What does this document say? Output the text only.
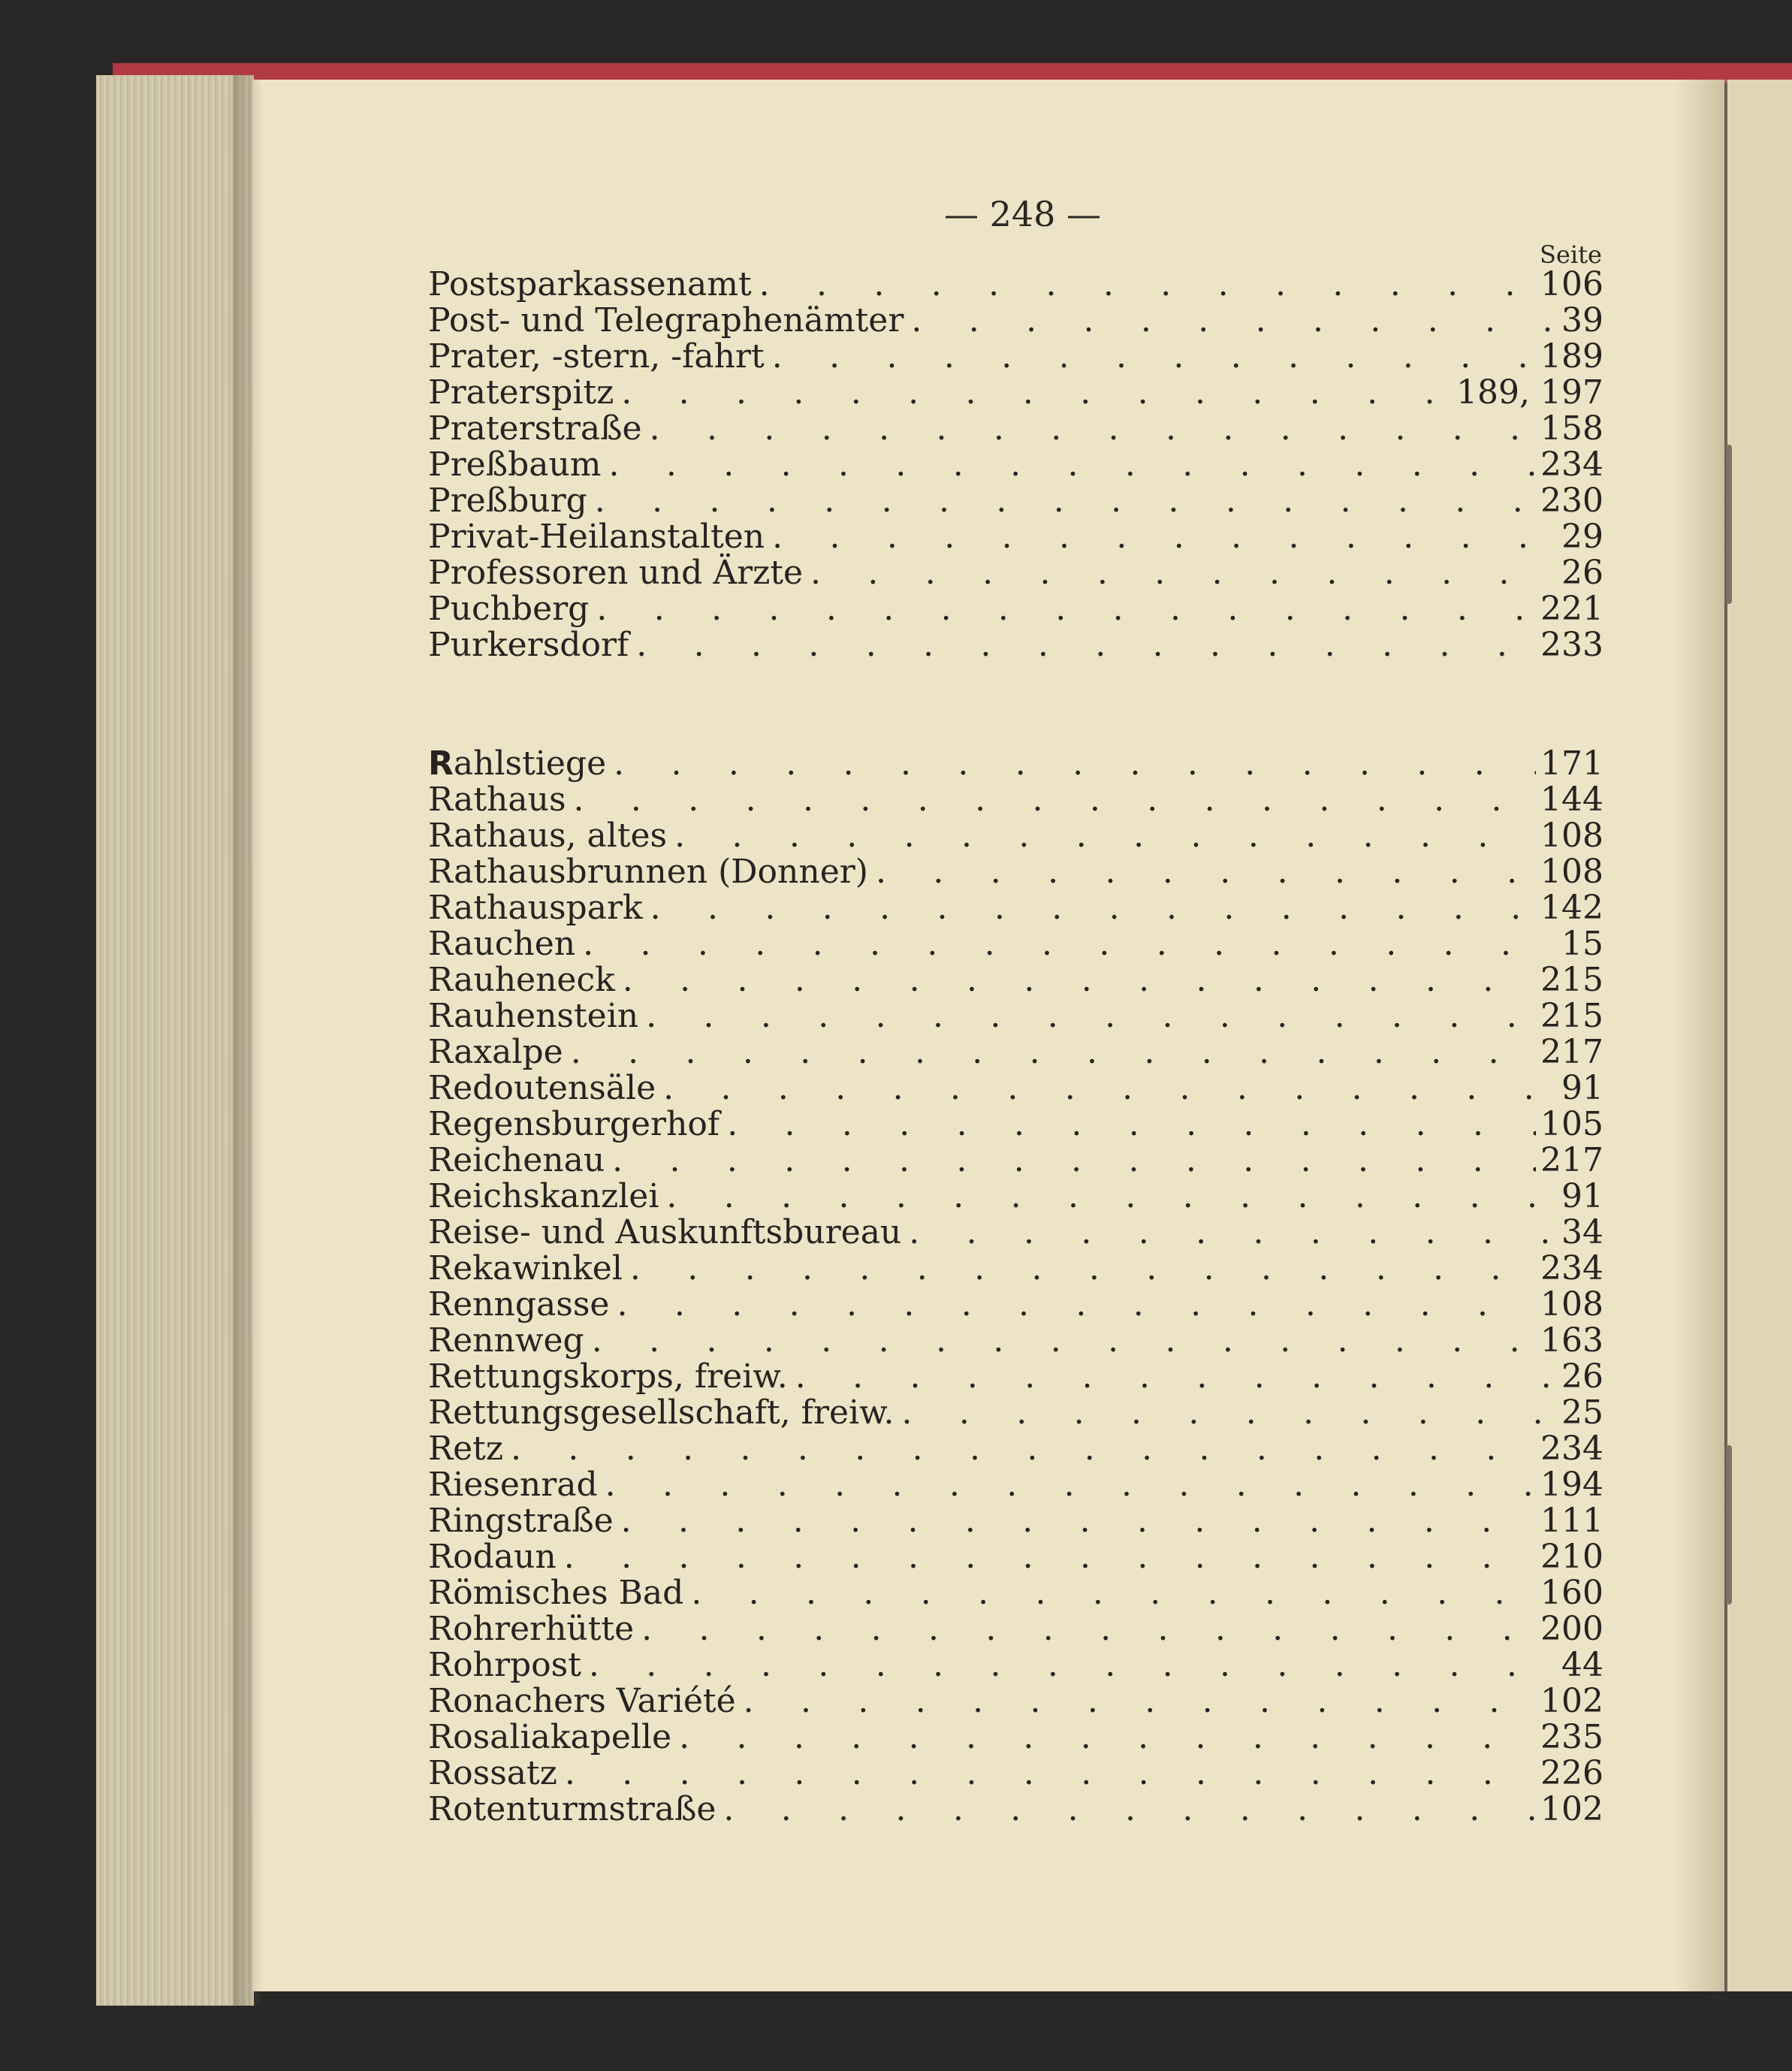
— 248 —
Seite
Postsparkassenamt . . .	106
Post- und Telegraphenämter . . .	39
Prater, -stern, -fahrt . . .	189
Praterspitz . . .	189, 197
Praterstraße . . .	158
Preßbaum . . .	234
Preßburg . . .	230
Privat-Heilanstalten . . .	29
Professoren und Ärzte . . .	26
Puchberg . . .	221
Purkersdorf . . .	233
Rahlstiege . . .	171
Rathaus . . .	144
Rathaus, altes . . .	108
Rathausbrunnen (Donner) . . .	108
Rathauspark . . .	142
Rauchen . . .	15
Rauheneck . . .	215
Rauhenstein . . .	215
Raxalpe . . .	217
Redoutensäle . . .	91
Regensburgerhof . . .	105
Reichenau . . .	217
Reichskanzlei . . .	91
Reise- und Auskunftsbureau . . .	34
Rekawinkel . . .	234
Renngasse . . .	108
Rennweg . . .	163
Rettungskorps, freiw. . . .	26
Rettungsgesellschaft, freiw. . . .	25
Retz . . .	234
Riesenrad . . .	194
Ringstraße . . .	111
Rodaun . . .	210
Römisches Bad . . .	160
Rohrerhütte . . .	200
Rohrpost . . .	44
Ronachers Variété . . .	102
Rosaliakapelle . . .	235
Rossatz . . .	226
Rotenturmstraße . . .	102
